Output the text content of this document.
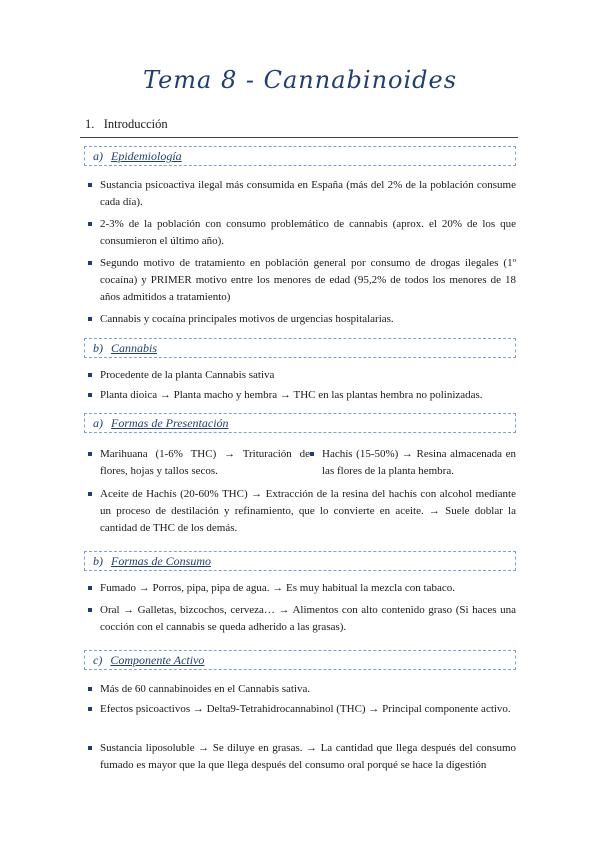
Tema 8 - Cannabinoides
1. Introducción
a) Epidemiología
Sustancia psicoactiva ilegal más consumida en España (más del 2% de la población consume cada día).
2-3% de la población con consumo problemático de cannabis (aprox. el 20% de los que consumieron el último año).
Segundo motivo de tratamiento en población general por consumo de drogas ilegales (1º cocaína) y PRIMER motivo entre los menores de edad (95,2% de todos los menores de 18 años admitidos a tratamiento)
Cannabis y cocaína principales motivos de urgencias hospitalarias.
b) Cannabis
Procedente de la planta Cannabis sativa
Planta dioica → Planta macho y hembra → THC en las plantas hembra no polinizadas.
a) Formas de Presentación
Marihuana (1-6% THC) → Trituración de flores, hojas y tallos secos.
Hachís (15-50%) → Resina almacenada en las flores de la planta hembra.
Aceite de Hachís (20-60% THC) → Extracción de la resina del hachís con alcohol mediante un proceso de destilación y refinamiento, que lo convierte en aceite. → Suele doblar la cantidad de THC de los demás.
b) Formas de Consumo
Fumado → Porros, pipa, pipa de agua. → Es muy habitual la mezcla con tabaco.
Oral → Galletas, bizcochos, cerveza… → Alimentos con alto contenido graso (Si haces una cocción con el cannabis se queda adherido a las grasas).
c) Componente Activo
Más de 60 cannabinoides en el Cannabis sativa.
Efectos psicoactivos → Delta9-Tetrahidrocannabinol (THC) → Principal componente activo.
Sustancia liposoluble → Se diluye en grasas. → La cantidad que llega después del consumo fumado es mayor que la que llega después del consumo oral porqué se hace la digestión
